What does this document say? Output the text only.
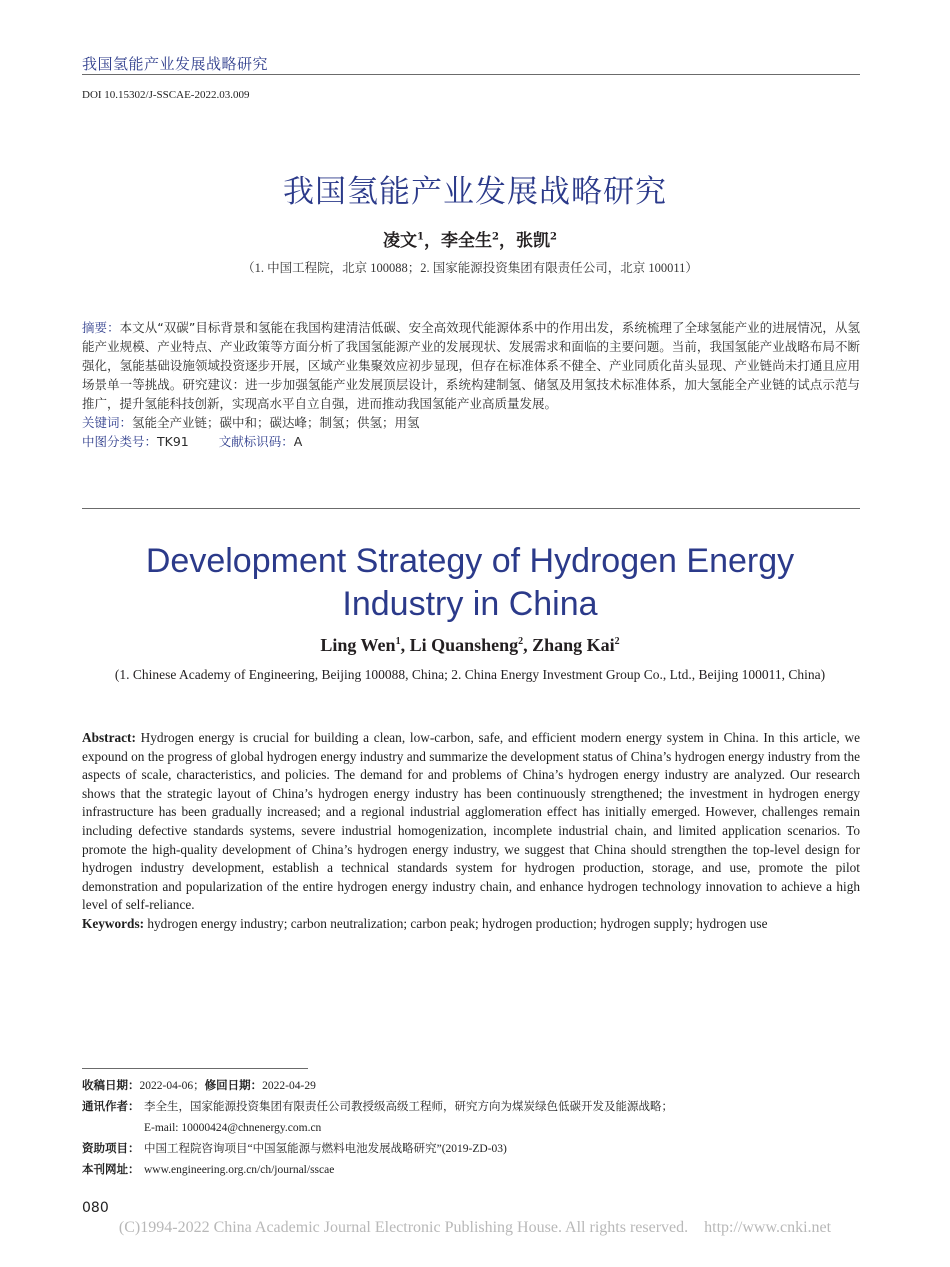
我国氢能产业发展战略研究
DOI 10.15302/J-SSCAE-2022.03.009
我国氢能产业发展战略研究
凌文$^1$，李全生$^2$，张凯$^2$
（1. 中国工程院，北京 100088；2. 国家能源投资集团有限责任公司，北京 100011）

摘要：本文从“双碳”目标背景和氢能在我国构建清洁低碳、安全高效现代能源体系中的作用出发，系统梳理了全球氢能产业的进展情况，从氢能产业规模、产业特点、产业政策等方面分析了我国氢能源产业的发展现状、发展需求和面临的主要问题。当前，我国氢能产业战略布局不断强化，氢能基础设施领域投资逐步开展，区域产业集聚效应初步显现，但存在标准体系不健全、产业同质化苗头显现、产业链尚未打通且应用场景单一等挑战。研究建议：进一步加强氢能产业发展顶层设计，系统构建制氢、储氢及用氢技术标准体系，加大氢能全产业链的试点示范与推广，提升氢能科技创新，实现高水平自立自强，进而推动我国氢能产业高质量发展。

关键词：氢能全产业链；碳中和；碳达峰；制氢；供氢；用氢

中图分类号：TK91 文献标识码：A

Development Strategy of Hydrogen Energy
Industry in China
Ling Wen$^1$, Li Quansheng$^2$, Zhang Kai$^2$
(1. Chinese Academy of Engineering, Beijing 100088, China; 2. China Energy Investment Group Co., Ltd., Beijing 100011, China)

Abstract: Hydrogen energy is crucial for building a clean, low-carbon, safe, and efficient modern energy system in China. In this article, we expound on the progress of global hydrogen energy industry and summarize the development status of China’s hydrogen energy industry from the aspects of scale, characteristics, and policies. The demand for and problems of China’s hydrogen energy industry are analyzed. Our research shows that the strategic layout of China’s hydrogen energy industry has been continuously strengthened; the investment in hydrogen energy infrastructure has been gradually increased; and a regional industrial agglomeration effect has initially emerged. However, challenges remain including defective standards systems, severe industrial homogenization, incomplete industrial chain, and limited application scenarios. To promote the high-quality development of China’s hydrogen energy industry, we suggest that China should strengthen the top-level design for hydrogen industry development, establish a technical standards system for hydrogen production, storage, and use, promote the pilot demonstration and popularization of the entire hydrogen energy industry chain, and enhance hydrogen technology innovation to achieve a high level of self-reliance.

Keywords: hydrogen energy industry; carbon neutralization; carbon peak; hydrogen production; hydrogen supply; hydrogen use

收稿日期： 2022-04-06； 修回日期： 2022-04-29
通讯作者： 李全生，国家能源投资集团有限责任公司教授级高级工程师，研究方向为煤炭绿色低碳开发及能源战略；
E-mail: 10000424@chnenergy.com.cn
资助项目： 中国工程院咨询项目“中国氢能源与燃料电池发展战略研究”(2019-ZD-03)
本刊网址： www.engineering.org.cn/ch/journal/sscae
080
(C)1994-2022 China Academic Journal Electronic Publishing House. All rights reserved. http://www.cnki.net
